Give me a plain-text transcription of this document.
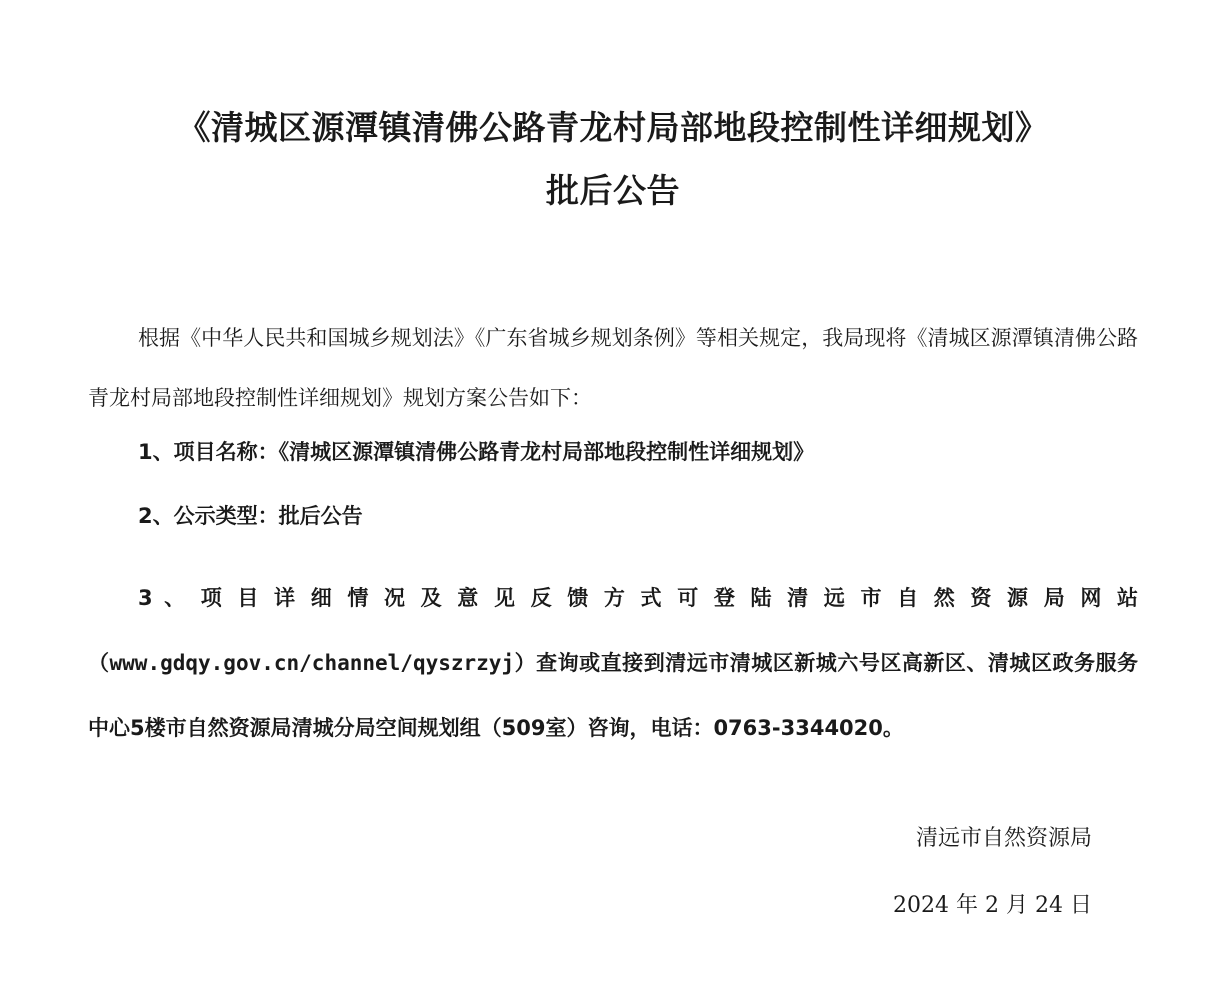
《清城区源潭镇清佛公路青龙村局部地段控制性详细规划》
批后公告

根据《中华人民共和国城乡规划法》《广东省城乡规划条例》等相关规定，我局现将《清城区源潭镇清佛公路青龙村局部地段控制性详细规划》规划方案公告如下：

1、项目名称：《清城区源潭镇清佛公路青龙村局部地段控制性详细规划》

2、公示类型：批后公告

3 、 项 目 详 细 情 况 及 意 见 反 馈 方 式 可 登 陆 清 远 市 自 然 资 源 局 网 站（www.gdqy.gov.cn/channel/qyszrzyj）查询或直接到清远市清城区新城六号区高新区、清城区政务服务中心5楼市自然资源局清城分局空间规划组（509室）咨询，电话：0763-3344020。

清远市自然资源局
2024 年 2 月 24 日
